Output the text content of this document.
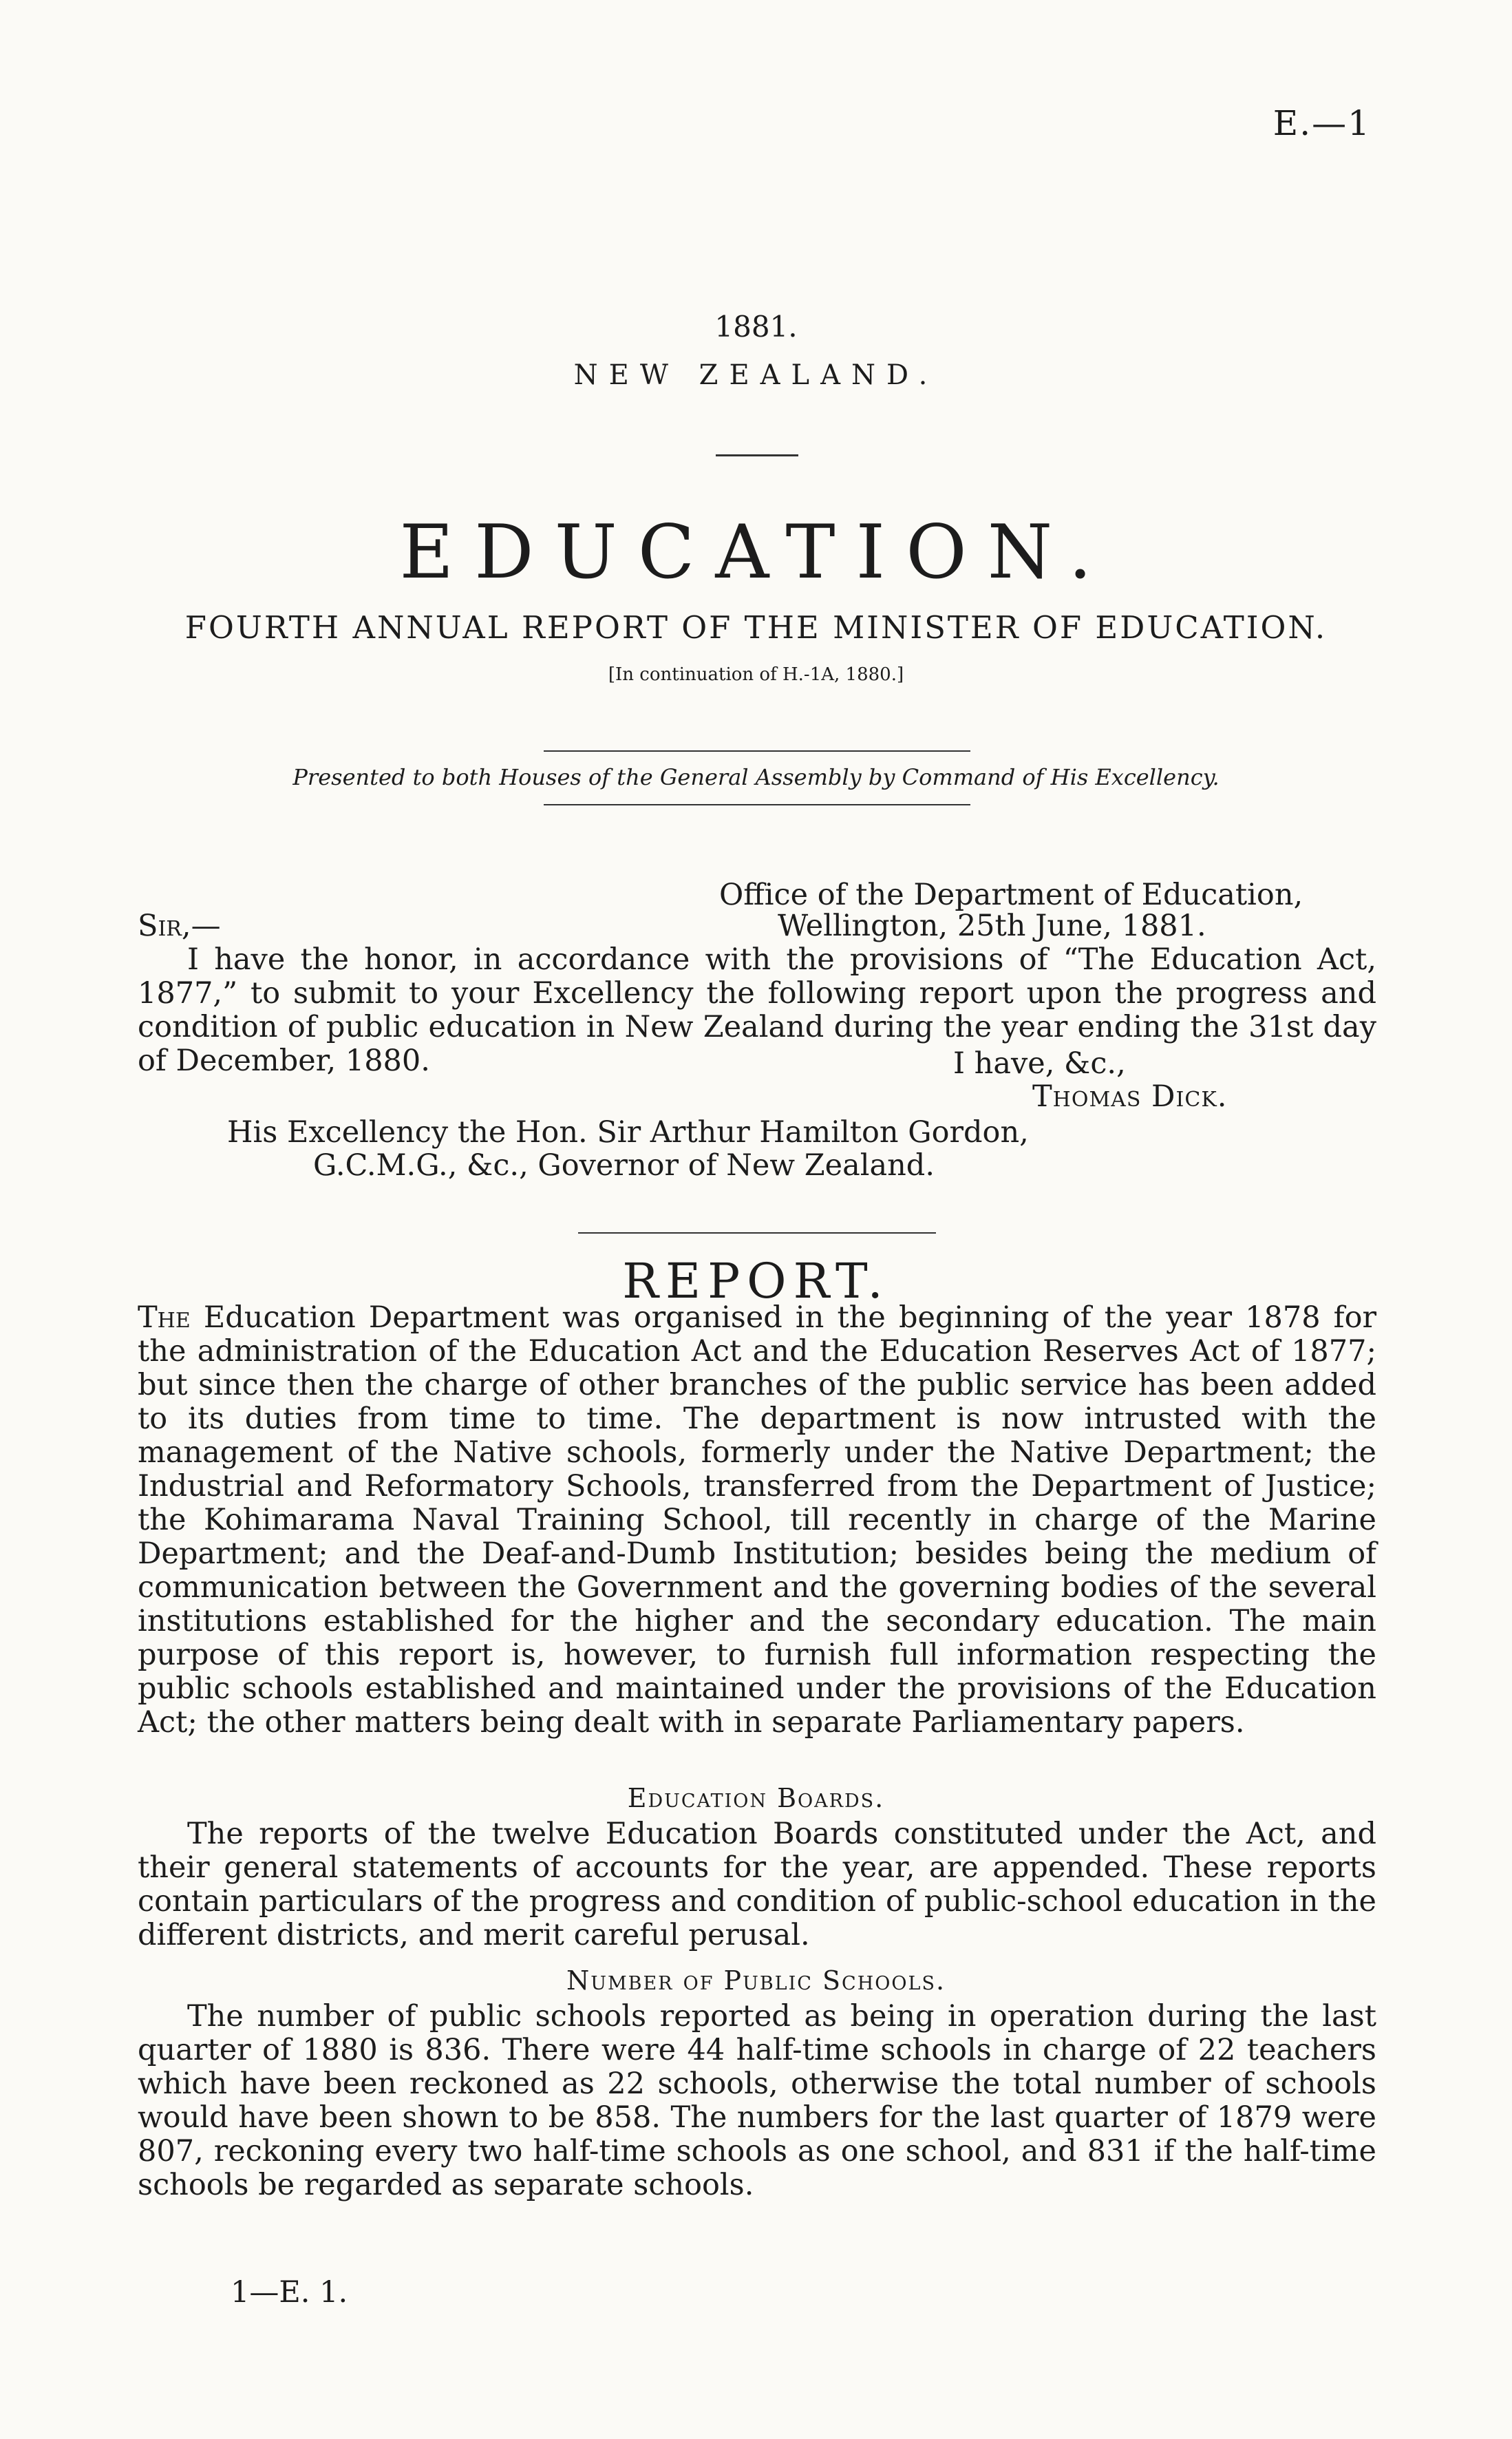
E.—1
1881.
NEW ZEALAND.
EDUCATION.
FOURTH ANNUAL REPORT OF THE MINISTER OF EDUCATION.
[In continuation of H.-1A, 1880.]
Presented to both Houses of the General Assembly by Command of His Excellency.
Office of the Department of Education,
Sir,—	Wellington, 25th June, 1881.

I have the honor, in accordance with the provisions of “The Education Act, 1877,” to submit to your Excellency the following report upon the progress and condition of public education in New Zealand during the year ending the 31st day of December, 1880.	I have, &c.,
Thomas Dick.
His Excellency the Hon. Sir Arthur Hamilton Gordon,
G.C.M.G., &c., Governor of New Zealand.
REPORT.

The Education Department was organised in the beginning of the year 1878 for the administration of the Education Act and the Education Reserves Act of 1877; but since then the charge of other branches of the public service has been added to its duties from time to time. The department is now intrusted with the management of the Native schools, formerly under the Native Department; the Industrial and Reformatory Schools, transferred from the Department of Justice; the Kohimarama Naval Training School, till recently in charge of the Marine Department; and the Deaf-and-Dumb Institution; besides being the medium of communication between the Government and the governing bodies of the several institutions established for the higher and the secondary education. The main purpose of this report is, however, to furnish full information respecting the public schools established and maintained under the provisions of the Education Act; the other matters being dealt with in separate Parliamentary papers.

Education Boards.

The reports of the twelve Education Boards constituted under the Act, and their general statements of accounts for the year, are appended. These reports contain particulars of the progress and condition of public-school education in the different districts, and merit careful perusal.

Number of Public Schools.

The number of public schools reported as being in operation during the last quarter of 1880 is 836. There were 44 half-time schools in charge of 22 teachers which have been reckoned as 22 schools, otherwise the total number of schools would have been shown to be 858. The numbers for the last quarter of 1879 were 807, reckoning every two half-time schools as one school, and 831 if the half-time schools be regarded as separate schools.

1—E. 1.
